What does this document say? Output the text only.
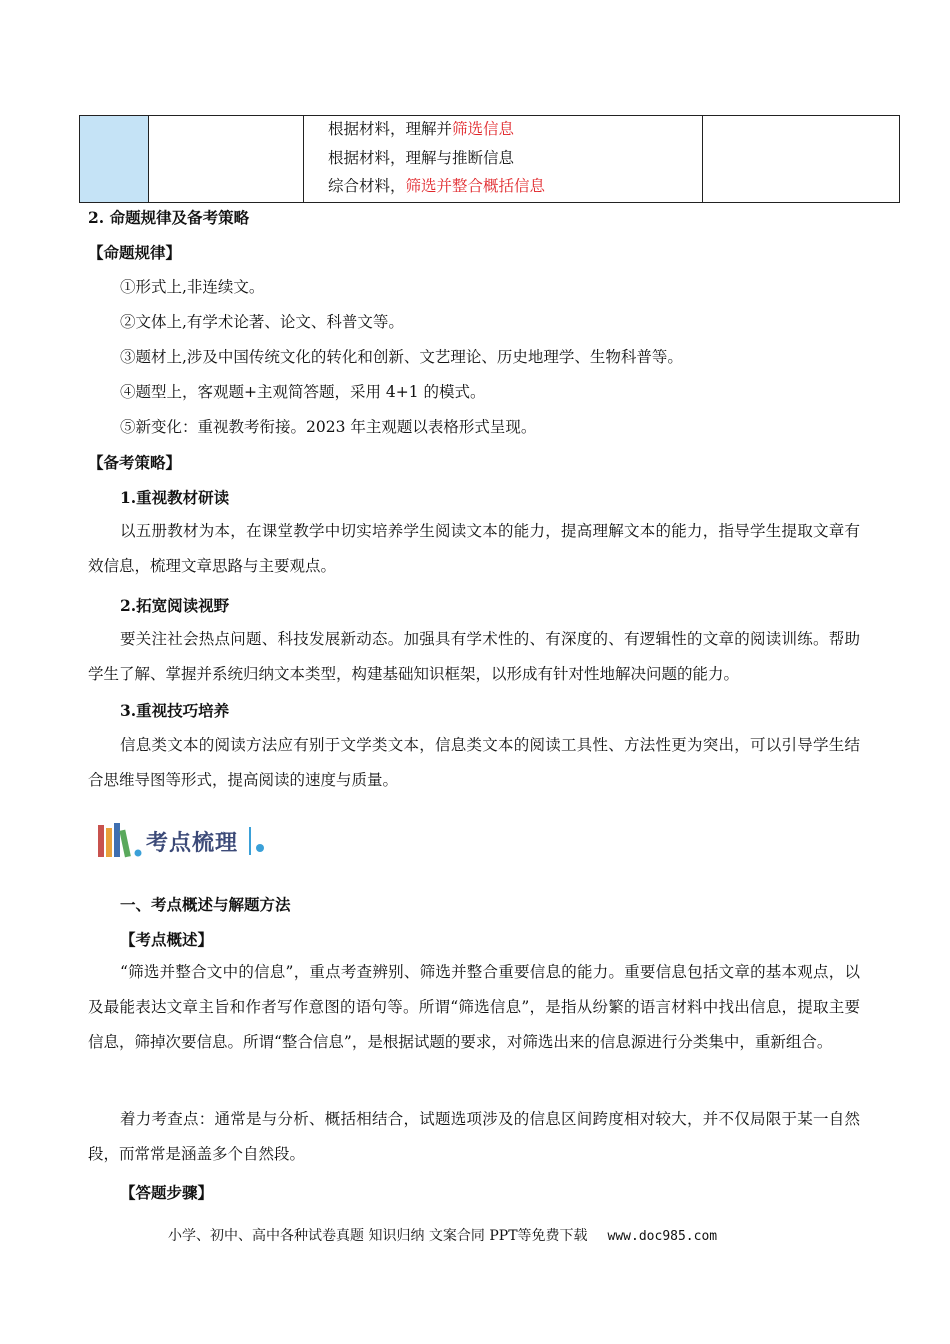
根据材料，理解并筛选信息
根据材料，理解与推断信息
综合材料，筛选并整合概括信息

2. 命题规律及备考策略
【命题规律】
①形式上,非连续文。
②文体上,有学术论著、论文、科普文等。
③题材上,涉及中国传统文化的转化和创新、文艺理论、历史地理学、生物科普等。
④题型上，客观题+主观简答题，采用 4+1 的模式。
⑤新变化：重视教考衔接。2023 年主观题以表格形式呈现。
【备考策略】
1.重视教材研读
以五册教材为本，在课堂教学中切实培养学生阅读文本的能力，提高理解文本的能力，指导学生提取文章有效信息，梳理文章思路与主要观点。
2.拓宽阅读视野
要关注社会热点问题、科技发展新动态。加强具有学术性的、有深度的、有逻辑性的文章的阅读训练。帮助学生了解、掌握并系统归纳文本类型，构建基础知识框架，以形成有针对性地解决问题的能力。
3.重视技巧培养
信息类文本的阅读方法应有别于文学类文本，信息类文本的阅读工具性、方法性更为突出，可以引导学生结合思维导图等形式，提高阅读的速度与质量。
考点梳理
一、考点概述与解题方法
【考点概述】
“筛选并整合文中的信息”，重点考查辨别、筛选并整合重要信息的能力。重要信息包括文章的基本观点，以及最能表达文章主旨和作者写作意图的语句等。所谓“筛选信息”，是指从纷繁的语言材料中找出信息，提取主要信息，筛掉次要信息。所谓“整合信息”，是根据试题的要求，对筛选出来的信息源进行分类集中，重新组合。
着力考查点：通常是与分析、概括相结合，试题选项涉及的信息区间跨度相对较大，并不仅局限于某一自然段，而常常是涵盖多个自然段。
【答题步骤】
小学、初中、高中各种试卷真题 知识归纳 文案合同 PPT等免费下载 www.doc985.com
